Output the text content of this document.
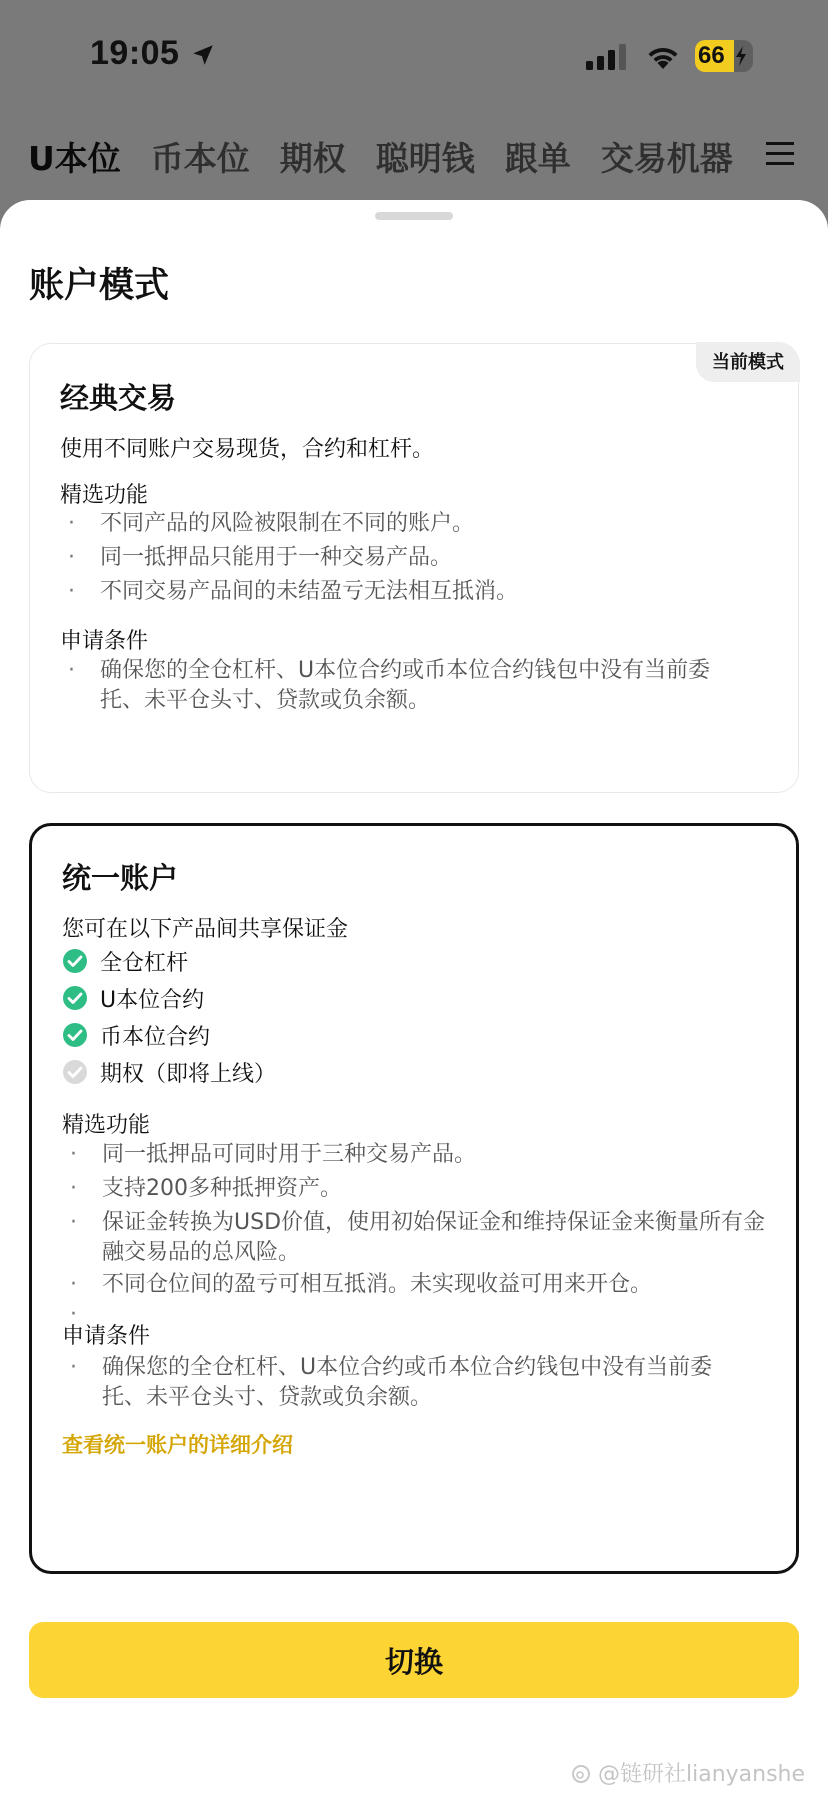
19:05	66
U本位 币本位 期权 聪明钱 跟单 交易机器
账户模式
当前模式
经典交易
使用不同账户交易现货，合约和杠杆。
精选功能
·	不同产品的风险被限制在不同的账户。
·	同一抵押品只能用于一种交易产品。
·	不同交易产品间的未结盈亏无法相互抵消。
申请条件
·	确保您的全仓杠杆、U本位合约或币本位合约钱包中没有当前委托、未平仓头寸、贷款或负余额。
统一账户
您可在以下产品间共享保证金
全仓杠杆
U本位合约
币本位合约
期权（即将上线）
精选功能
·	同一抵押品可同时用于三种交易产品。
·	支持200多种抵押资产。
·	保证金转换为USD价值，使用初始保证金和维持保证金来衡量所有金融交易品的总风险。
·	不同仓位间的盈亏可相互抵消。未实现收益可用来开仓。
·
申请条件
·	确保您的全仓杠杆、U本位合约或币本位合约钱包中没有当前委托、未平仓头寸、贷款或负余额。
查看统一账户的详细介绍
切换
@链研社lianyanshe
